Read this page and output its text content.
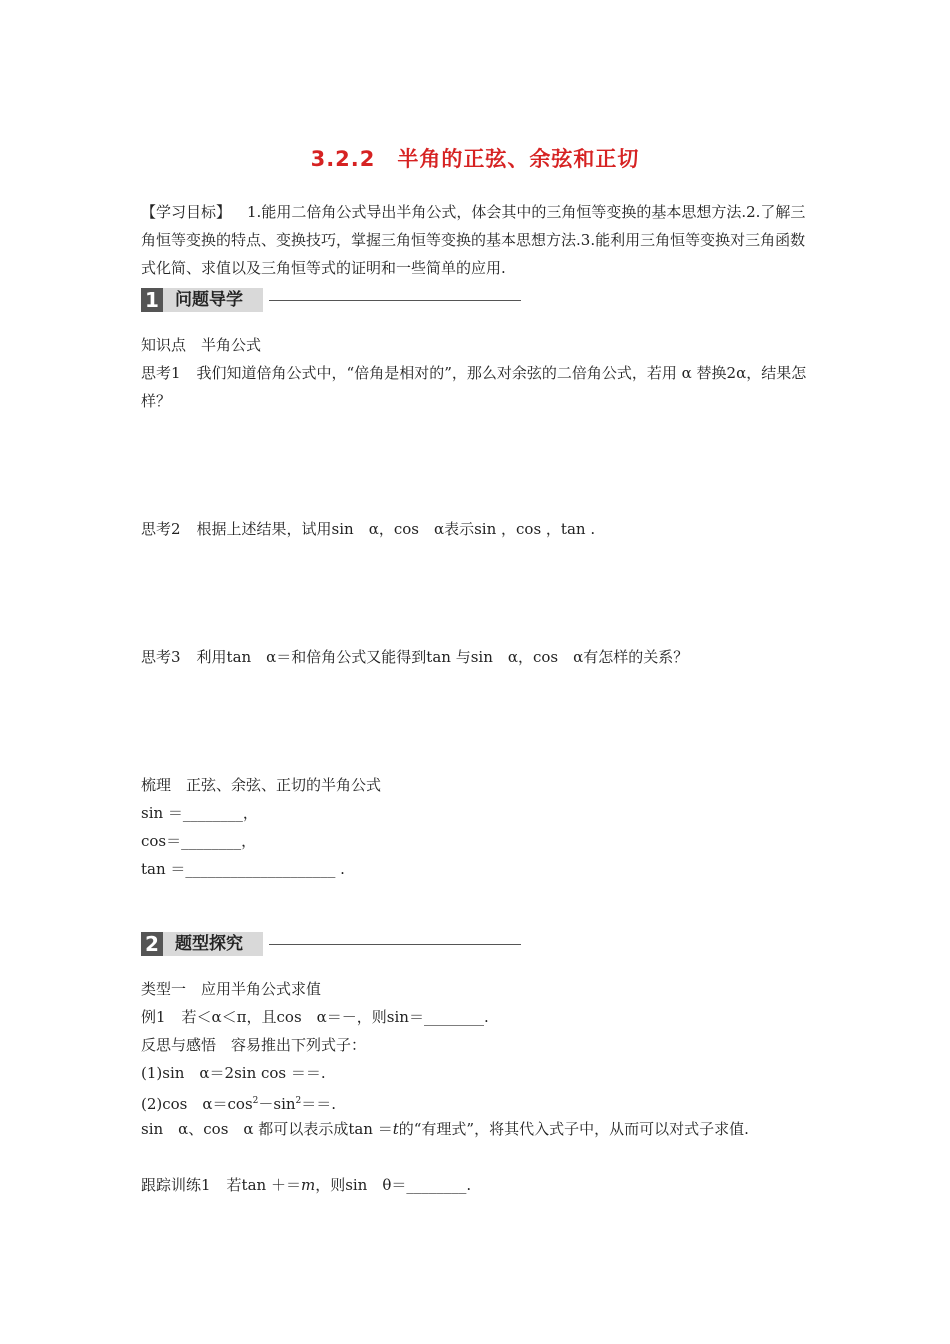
3.2.2　半角的正弦、余弦和正切
【学习目标】 1.能用二倍角公式导出半角公式，体会其中的三角恒等变换的基本思想方法.2.了解三角恒等变换的特点、变换技巧，掌握三角恒等变换的基本思想方法.3.能利用三角恒等变换对三角函数式化简、求值以及三角恒等式的证明和一些简单的应用.
1 问题导学
知识点　半角公式
思考1 我们知道倍角公式中，“倍角是相对的”，那么对余弦的二倍角公式，若用 α 替换2α，结果怎样？
思考2 根据上述结果，试用sin　α，cos　α表示sin ，cos ，tan .
思考3 利用tan　α＝和倍角公式又能得到tan 与sin　α，cos　α有怎样的关系？
梳理　正弦、余弦、正切的半角公式
sin ＝________，
cos＝________，
tan ＝____________________ .
2 题型探究
类型一　应用半角公式求值
例1 若＜α＜π，且cos　α＝－，则sin＝________.
反思与感悟　容易推出下列式子：
(1)sin　α＝2sin cos ＝＝.
(2)cos　$\alpha=\cos^2-\sin^2==$.
sin　α、cos　α 都可以表示成tan ＝t的“有理式”，将其代入式子中，从而可以对式子求值.
跟踪训练1 若tan ＋＝m，则sin　θ＝________.
